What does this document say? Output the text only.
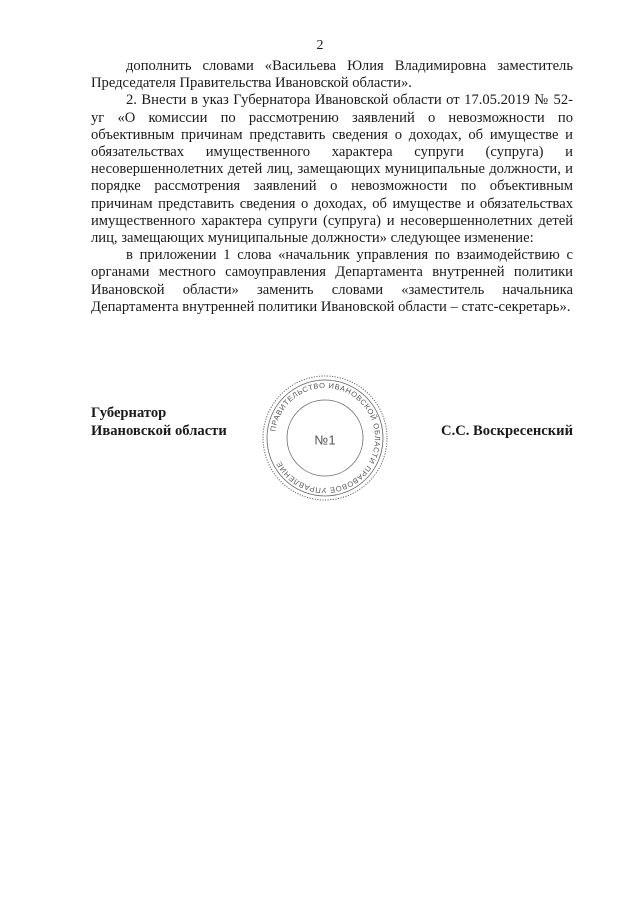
2

дополнить словами «Васильева Юлия Владимировна заместитель Председателя Правительства Ивановской области».

2. Внести в указ Губернатора Ивановской области от 17.05.2019 № 52-уг «О комиссии по рассмотрению заявлений о невозможности по объективным причинам представить сведения о доходах, об имуществе и обязательствах имущественного характера супруги (супруга) и несовершеннолетних детей лиц, замещающих муниципальные должности, и порядке рассмотрения заявлений о невозможности по объективным причинам представить сведения о доходах, об имуществе и обязательствах имущественного характера супруги (супруга) и несовершеннолетних детей лиц, замещающих муниципальные должности» следующее изменение:

в приложении 1 слова «начальник управления по взаимодействию с органами местного самоуправления Департамента внутренней политики Ивановской области» заменить словами «заместитель начальника Департамента внутренней политики Ивановской области – статс-секретарь».

Губернатор
Ивановской области	С.С. Воскресенский
ПРАВИТЕЛЬСТВО ИВАНОВСКОЙ ОБЛАСТИ ПРАВОВОЕ УПРАВЛЕНИЕ
№1
